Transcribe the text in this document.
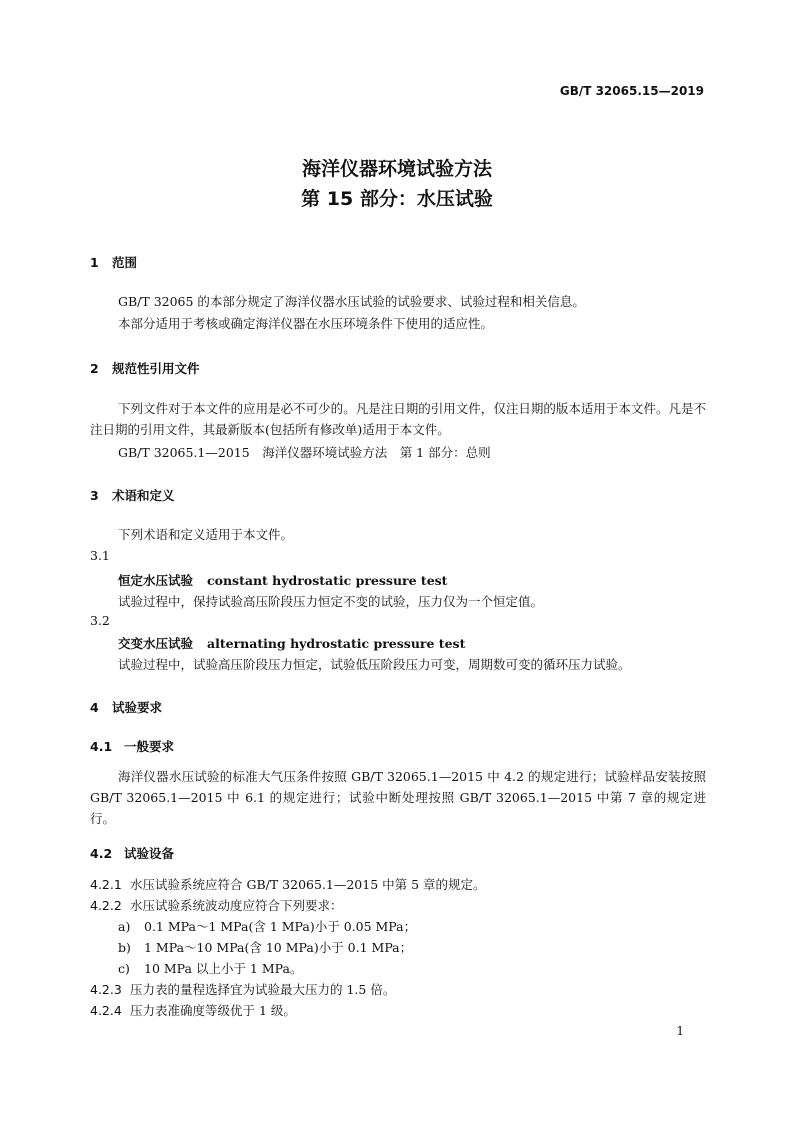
GB/T 32065.15—2019
海洋仪器环境试验方法
第 15 部分：水压试验
1 范围
GB/T 32065 的本部分规定了海洋仪器水压试验的试验要求、试验过程和相关信息。
本部分适用于考核或确定海洋仪器在水压环境条件下使用的适应性。
2 规范性引用文件
下列文件对于本文件的应用是必不可少的。凡是注日期的引用文件，仅注日期的版本适用于本文件。凡是不注日期的引用文件，其最新版本(包括所有修改单)适用于本文件。
GB/T 32065.1—2015　海洋仪器环境试验方法　第 1 部分：总则
3 术语和定义
下列术语和定义适用于本文件。
3.1
恒定水压试验 constant hydrostatic pressure test
试验过程中，保持试验高压阶段压力恒定不变的试验，压力仅为一个恒定值。
3.2
交变水压试验 alternating hydrostatic pressure test
试验过程中，试验高压阶段压力恒定，试验低压阶段压力可变，周期数可变的循环压力试验。
4 试验要求
4.1 一般要求
海洋仪器水压试验的标准大气压条件按照 GB/T 32065.1—2015 中 4.2 的规定进行；试验样品安装按照 GB/T 32065.1—2015 中 6.1 的规定进行；试验中断处理按照 GB/T 32065.1—2015 中第 7 章的规定进行。
4.2 试验设备
4.2.1 水压试验系统应符合 GB/T 32065.1—2015 中第 5 章的规定。
4.2.2 水压试验系统波动度应符合下列要求：
a) 0.1 MPa～1 MPa(含 1 MPa)小于 0.05 MPa；
b) 1 MPa～10 MPa(含 10 MPa)小于 0.1 MPa；
c) 10 MPa 以上小于 1 MPa。
4.2.3 压力表的量程选择宜为试验最大压力的 1.5 倍。
4.2.4 压力表准确度等级优于 1 级。
1
